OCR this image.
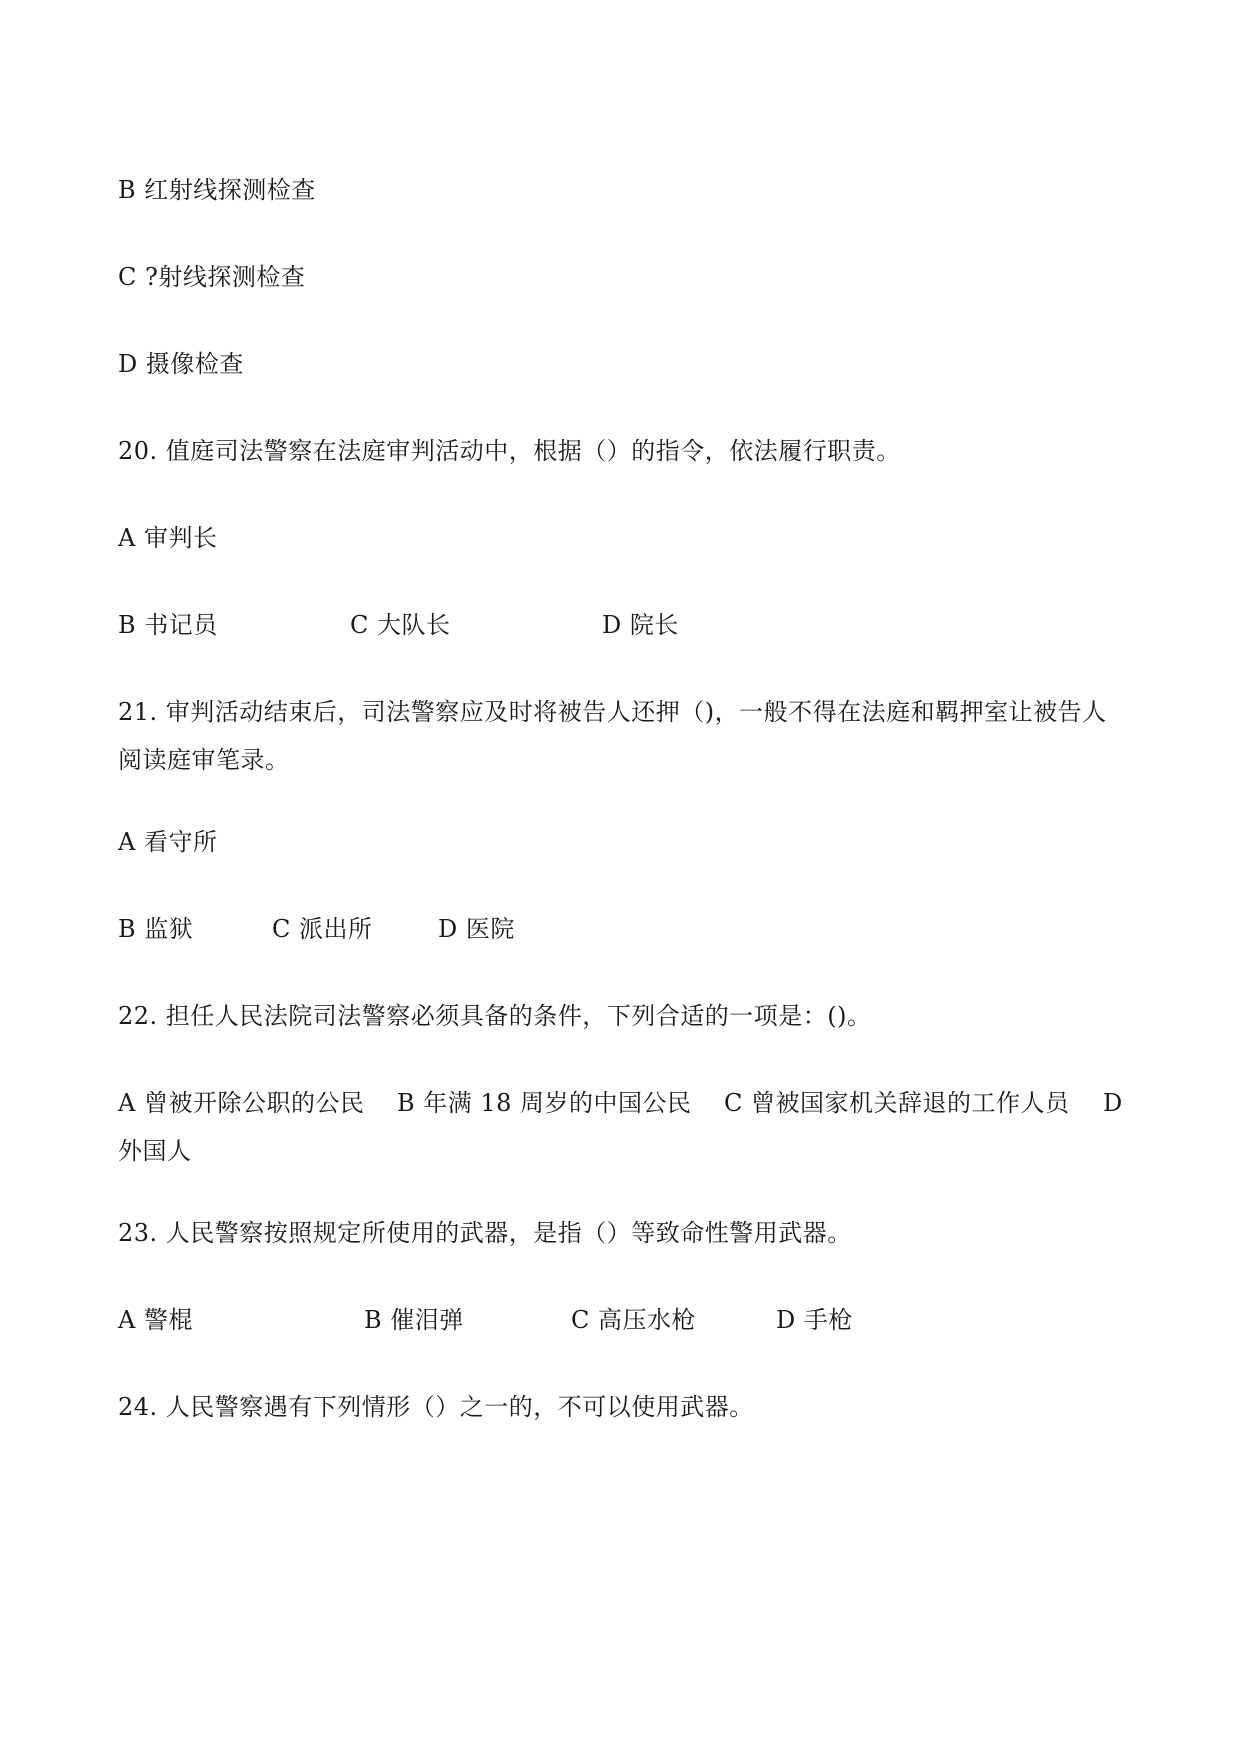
B 红射线探测检查
C ?射线探测检查
D 摄像检查
20. 值庭司法警察在法庭审判活动中，根据（）的指令，依法履行职责。
A 审判长
B 书记员	C 大队长	D 院长
21. 审判活动结束后，司法警察应及时将被告人还押（)，一般不得在法庭和羁押室让被告人
阅读庭审笔录。
A 看守所
B 监狱	C 派出所	D 医院
22. 担任人民法院司法警察必须具备的条件，下列合适的一项是：()。
A 曾被开除公职的公民 B 年满 18 周岁的中国公民 C 曾被国家机关辞退的工作人员 D
外国人
23. 人民警察按照规定所使用的武器，是指（）等致命性警用武器。
A 警棍	B 催泪弹	C 高压水枪	D 手枪
24. 人民警察遇有下列情形（）之一的，不可以使用武器。
